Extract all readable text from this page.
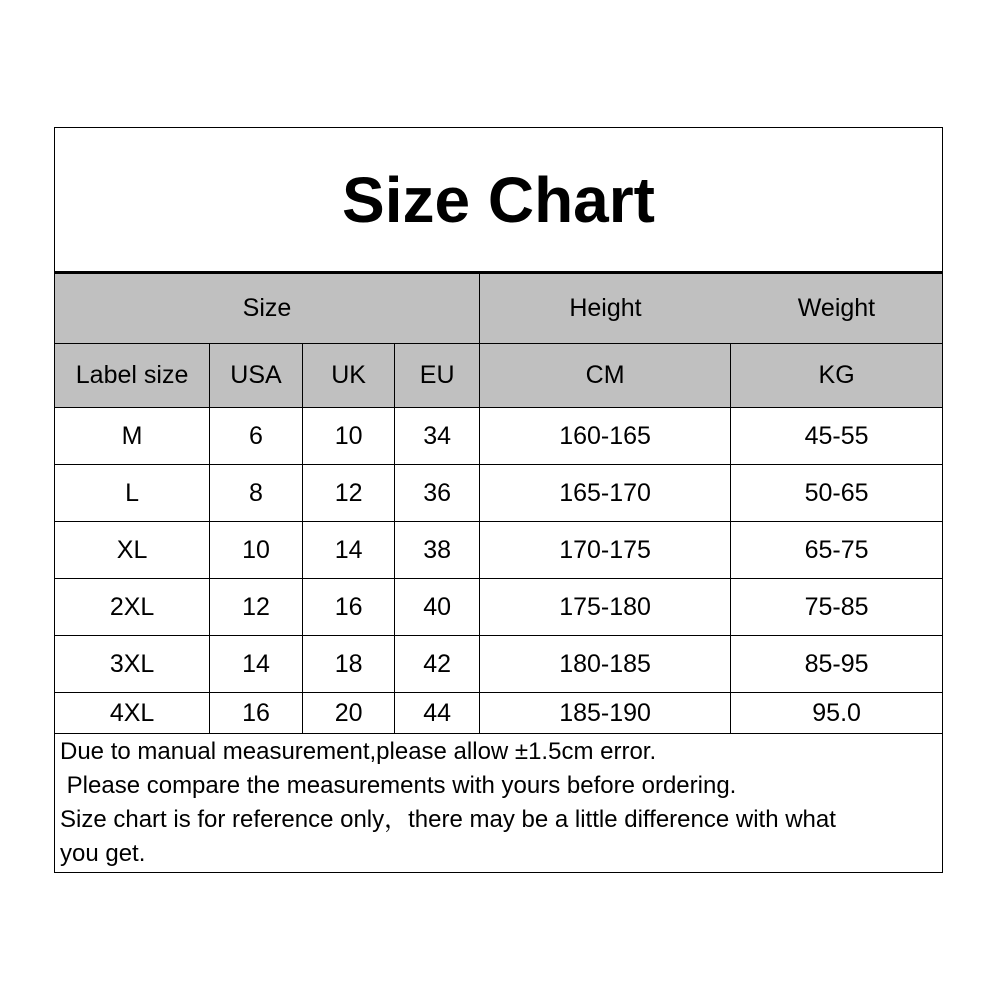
Size Chart
Size				Height Weight	

Label size	USA	UK	EU	CM	KG
M	6	10	34	160-165	45-55
L	8	12	36	165-170	50-65
XL	10	14	38	170-175	65-75
2XL	12	16	40	175-180	75-85
3XL	14	18	42	180-185	85-95
4XL	16	20	44	185-190	95.0
Due to manual measurement,please allow ±1.5cm error.
Please compare the measurements with yours before ordering.
Size chart is for reference only，there may be a little difference with what
you get.
